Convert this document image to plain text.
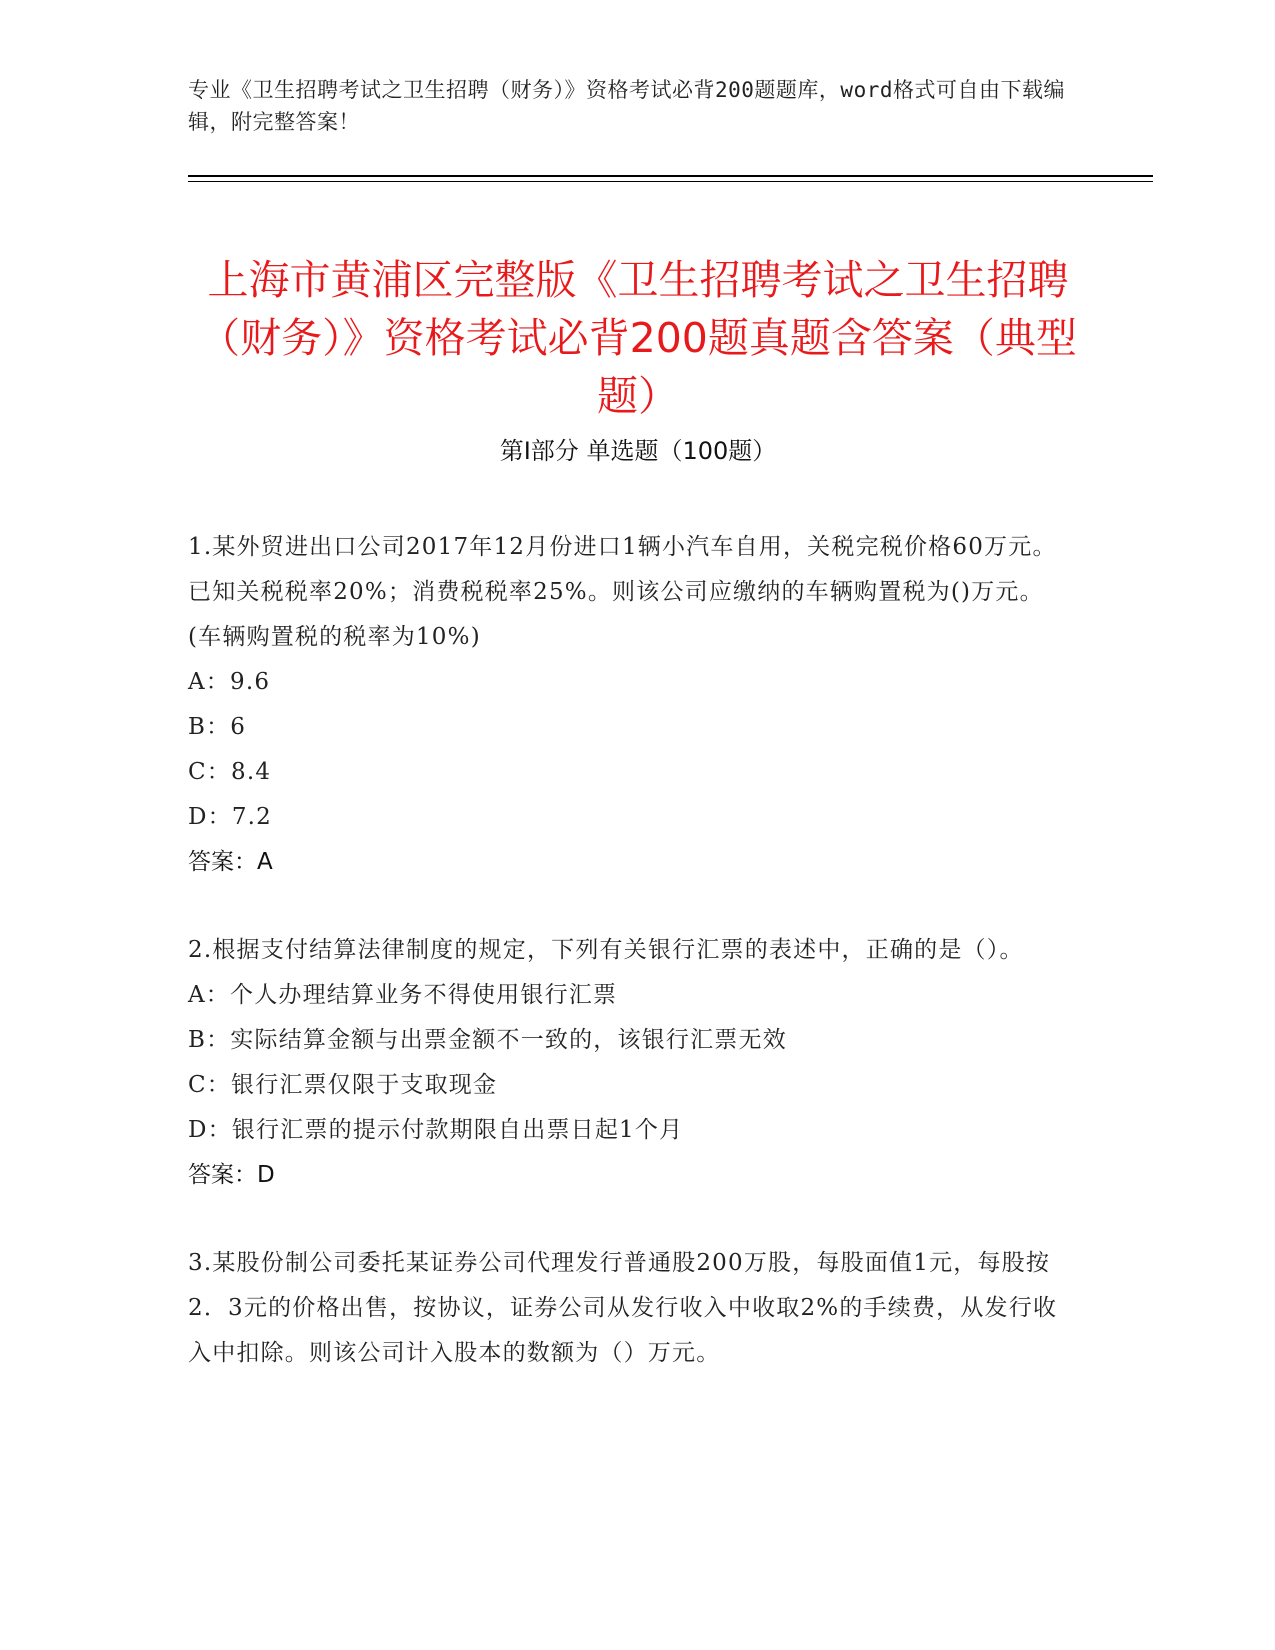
专业《卫生招聘考试之卫生招聘（财务）》资格考试必背200题题库，word格式可自由下载编辑，附完整答案！
上海市黄浦区完整版《卫生招聘考试之卫生招聘（财务）》资格考试必背200题真题含答案（典型题）
第I部分 单选题（100题）
1.某外贸进出口公司2017年12月份进口1辆小汽车自用，关税完税价格60万元。已知关税税率20%；消费税税率25%。则该公司应缴纳的车辆购置税为()万元。(车辆购置税的税率为10%)
A：9.6
B：6
C：8.4
D：7.2
答案：A
2.根据支付结算法律制度的规定，下列有关银行汇票的表述中，正确的是（）。
A：个人办理结算业务不得使用银行汇票
B：实际结算金额与出票金额不一致的，该银行汇票无效
C：银行汇票仅限于支取现金
D：银行汇票的提示付款期限自出票日起1个月
答案：D
3.某股份制公司委托某证券公司代理发行普通股200万股，每股面值1元，每股按2．3元的价格出售，按协议，证券公司从发行收入中收取2%的手续费，从发行收入中扣除。则该公司计入股本的数额为（）万元。
